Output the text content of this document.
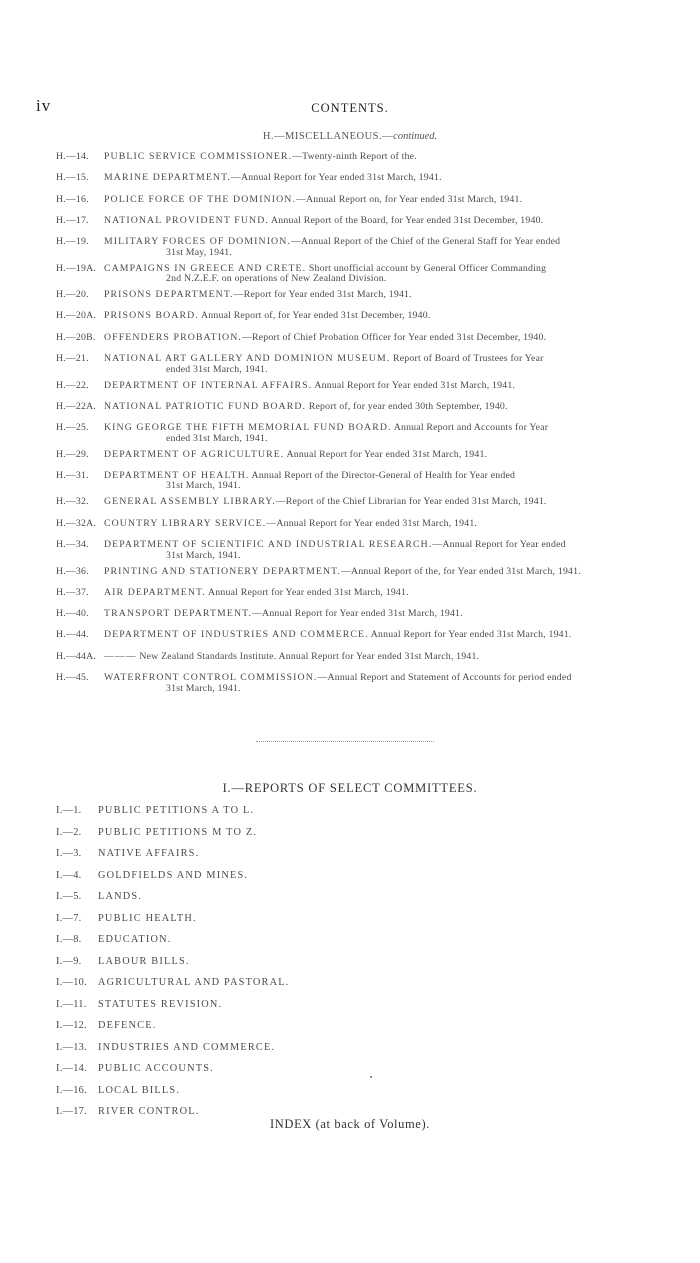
iv	CONTENTS.
H.—MISCELLANEOUS.—continued.
H.—14.	PUBLIC SERVICE COMMISSIONER.—Twenty-ninth Report of the.
H.—15.	MARINE DEPARTMENT.—Annual Report for Year ended 31st March, 1941.
H.—16.	POLICE FORCE OF THE DOMINION.—Annual Report on, for Year ended 31st March, 1941.
H.—17.	NATIONAL PROVIDENT FUND. Annual Report of the Board, for Year ended 31st December, 1940.
H.—19.	MILITARY FORCES OF DOMINION.—Annual Report of the Chief of the General Staff for Year ended
31st May, 1941.
H.—19A. CAMPAIGNS IN GREECE AND CRETE. Short unofficial account by General Officer Commanding
2nd N.Z.E.F. on operations of New Zealand Division.
H.—20.	PRISONS DEPARTMENT.—Report for Year ended 31st March, 1941.
H.—20A. PRISONS BOARD. Annual Report of, for Year ended 31st December, 1940.
H.—20B. OFFENDERS PROBATION.—Report of Chief Probation Officer for Year ended 31st December, 1940.
H.—21.	NATIONAL ART GALLERY AND DOMINION MUSEUM. Report of Board of Trustees for Year
ended 31st March, 1941.
H.—22.	DEPARTMENT OF INTERNAL AFFAIRS. Annual Report for Year ended 31st March, 1941.
H.—22A. NATIONAL PATRIOTIC FUND BOARD. Report of, for year ended 30th September, 1940.
H.—25.	KING GEORGE THE FIFTH MEMORIAL FUND BOARD. Annual Report and Accounts for Year
ended 31st March, 1941.
H.—29.	DEPARTMENT OF AGRICULTURE. Annual Report for Year ended 31st March, 1941.
H.—31.	DEPARTMENT OF HEALTH. Annual Report of the Director-General of Health for Year ended
31st March, 1941.
H.—32.	GENERAL ASSEMBLY LIBRARY.—Report of the Chief Librarian for Year ended 31st March, 1941.
H.—32A. COUNTRY LIBRARY SERVICE.—Annual Report for Year ended 31st March, 1941.
H.—34.	DEPARTMENT OF SCIENTIFIC AND INDUSTRIAL RESEARCH.—Annual Report for Year ended
31st March, 1941.
H.—36.	PRINTING AND STATIONERY DEPARTMENT.—Annual Report of the, for Year ended 31st March, 1941.
H.—37.	AIR DEPARTMENT. Annual Report for Year ended 31st March, 1941.
H.—40.	TRANSPORT DEPARTMENT.—Annual Report for Year ended 31st March, 1941.
H.—44.	DEPARTMENT OF INDUSTRIES AND COMMERCE. Annual Report for Year ended 31st March, 1941.
H.—44A. ——— New Zealand Standards Institute. Annual Report for Year ended 31st March, 1941.
H.—45.	WATERFRONT CONTROL COMMISSION.—Annual Report and Statement of Accounts for period ended
31st March, 1941.
I.—REPORTS OF SELECT COMMITTEES.
I.—1. PUBLIC PETITIONS A TO L.
I.—2. PUBLIC PETITIONS M TO Z.
I.—3. NATIVE AFFAIRS.
I.—4. GOLDFIELDS AND MINES.
I.—5. LANDS.
I.—7. PUBLIC HEALTH.
I.—8. EDUCATION.
I.—9. LABOUR BILLS.
I.—10. AGRICULTURAL AND PASTORAL.
I.—11. STATUTES REVISION.
I.—12. DEFENCE.
I.—13. INDUSTRIES AND COMMERCE.
I.—14. PUBLIC ACCOUNTS.
I.—16. LOCAL BILLS.
I.—17. RIVER CONTROL.
INDEX (at back of Volume).
